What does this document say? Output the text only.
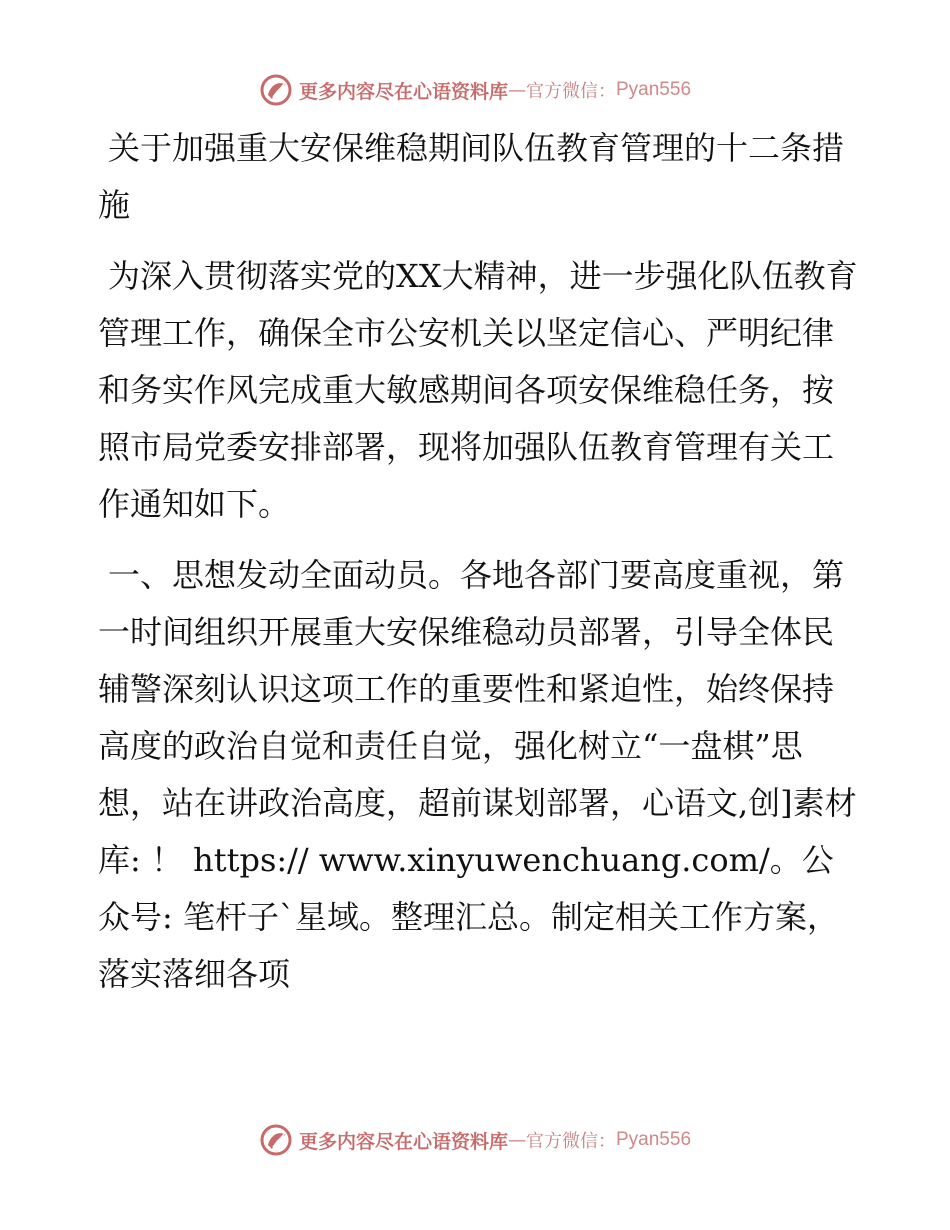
更多内容尽在心语资料库 — 官方微信： Pyan556

关于加强重大安保维稳期间队伍教育管理的十二条措施

为深入贯彻落实党的XX大精神，进一步强化队伍教育管理工作，确保全市公安机关以坚定信心、严明纪律和务实作风完成重大敏感期间各项安保维稳任务，按照市局党委安排部署，现将加强队伍教育管理有关工作通知如下。

一、思想发动全面动员。各地各部门要高度重视，第一时间组织开展重大安保维稳动员部署，引导全体民辅警深刻认识这项工作的重要性和紧迫性，始终保持高度的政治自觉和责任自觉，强化树立“一盘棋”思想，站在讲政治高度，超前谋划部署，心语文,创]素材库: ！ https:// www.xinyuwenchuang.com/。公众号: 笔杆子`星域。整理汇总。制定相关工作方案，落实落细各项

更多内容尽在心语资料库 — 官方微信： Pyan556
